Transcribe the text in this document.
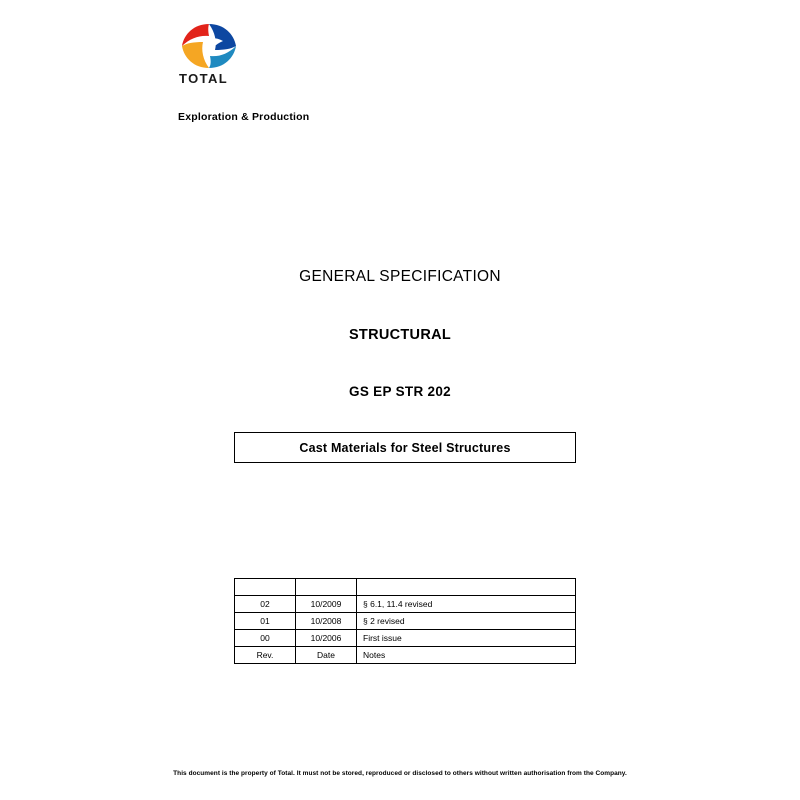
TOTAL
Exploration & Production
GENERAL SPECIFICATION
STRUCTURAL
GS EP STR 202
Cast Materials for Steel Structures

02	10/2009	§ 6.1, 11.4 revised
01	10/2008	§ 2 revised
00	10/2006	First issue
Rev.	Date	Notes
This document is the property of Total. It must not be stored, reproduced or disclosed to others without written authorisation from the Company.
